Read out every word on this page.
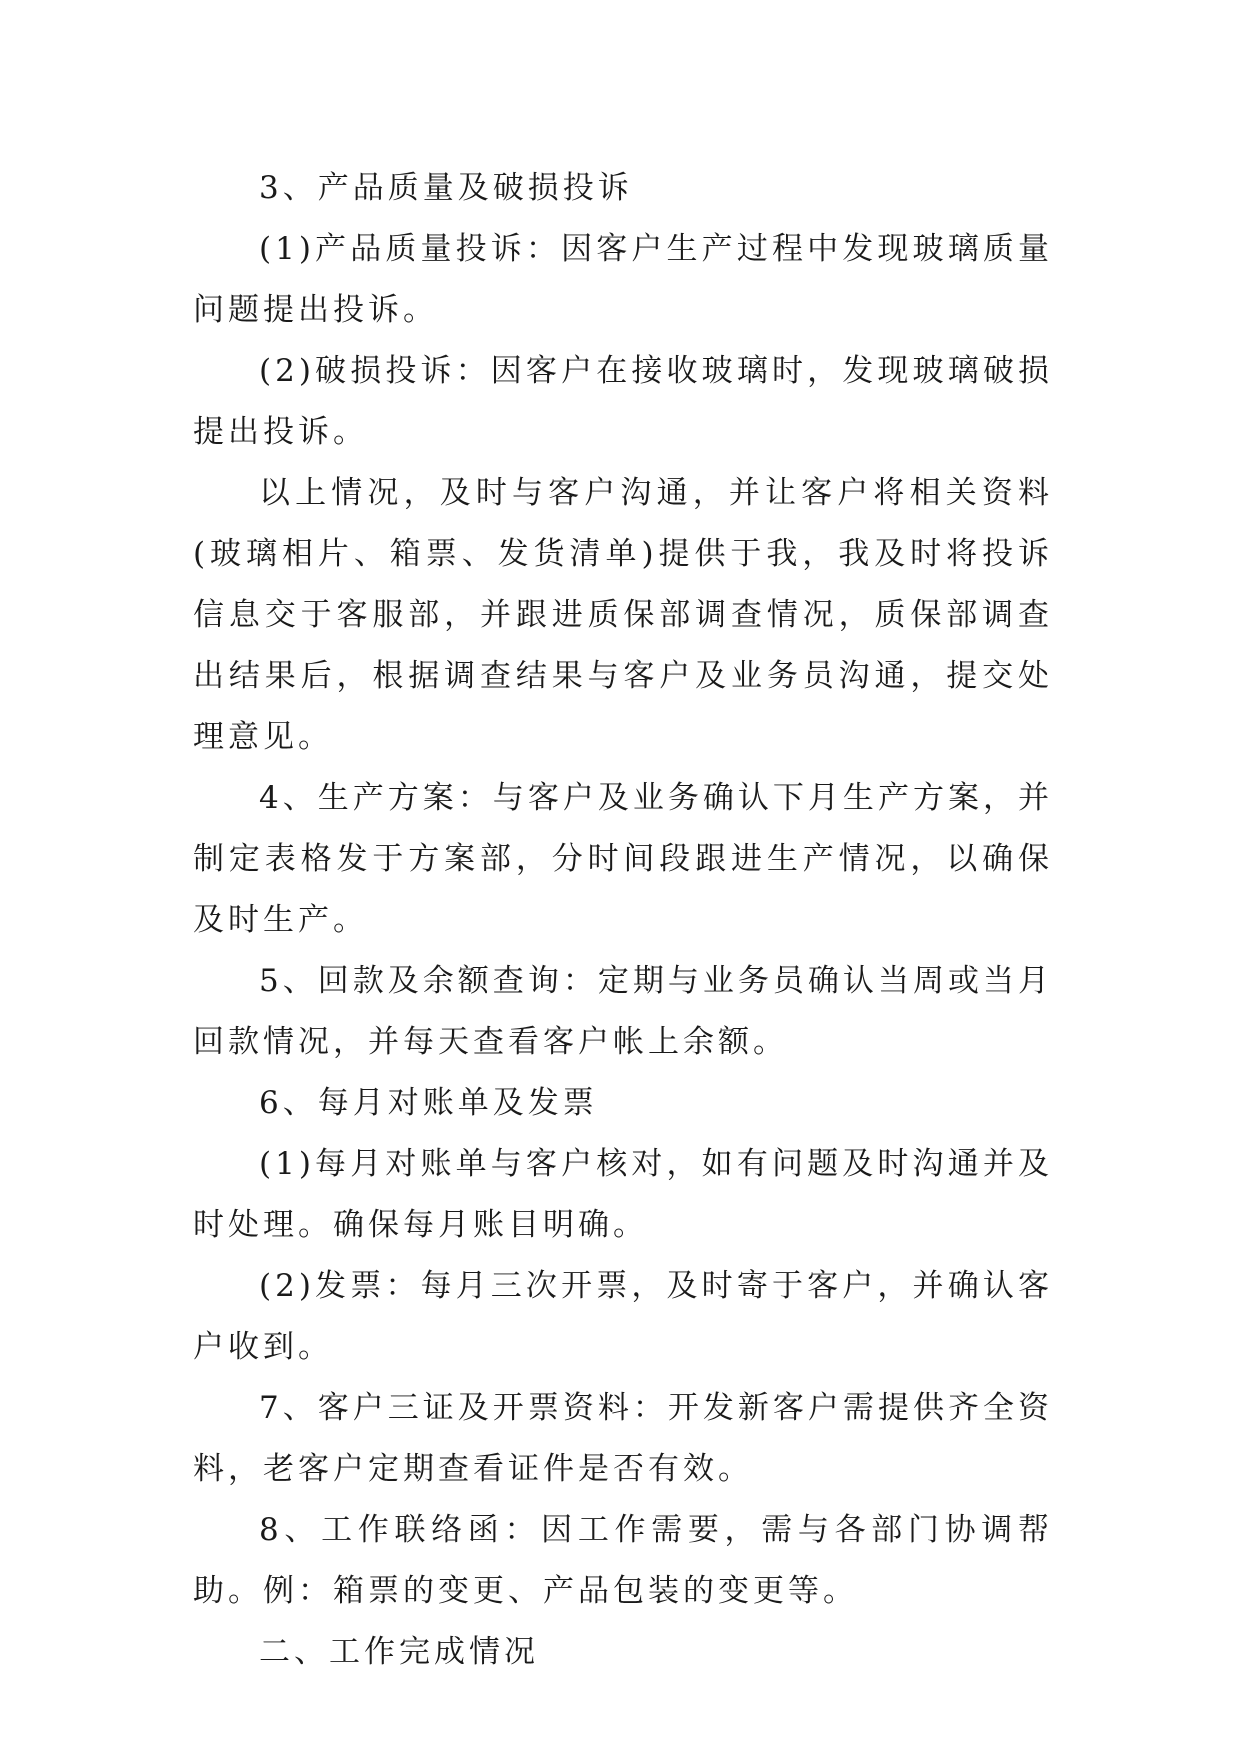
3、产品质量及破损投诉

(1)产品质量投诉：因客户生产过程中发现玻璃质量问题提出投诉。

(2)破损投诉：因客户在接收玻璃时，发现玻璃破损提出投诉。

以上情况，及时与客户沟通，并让客户将相关资料(玻璃相片、箱票、发货清单)提供于我，我及时将投诉信息交于客服部，并跟进质保部调查情况，质保部调查出结果后，根据调查结果与客户及业务员沟通，提交处理意见。

4、生产方案：与客户及业务确认下月生产方案，并制定表格发于方案部，分时间段跟进生产情况，以确保及时生产。

5、回款及余额查询：定期与业务员确认当周或当月回款情况，并每天查看客户帐上余额。

6、每月对账单及发票

(1)每月对账单与客户核对，如有问题及时沟通并及时处理。确保每月账目明确。

(2)发票：每月三次开票，及时寄于客户，并确认客户收到。

7、客户三证及开票资料：开发新客户需提供齐全资料，老客户定期查看证件是否有效。

8、工作联络函：因工作需要，需与各部门协调帮助。例：箱票的变更、产品包装的变更等。

二、工作完成情况
